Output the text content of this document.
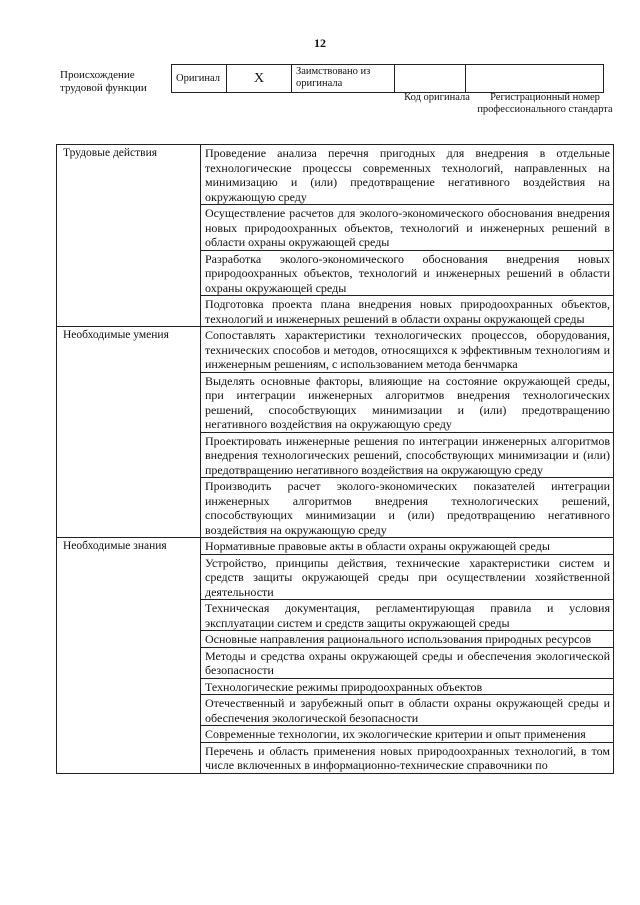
12
Происхождение трудовой функции
Оригинал	X	Заимствовано из оригинала		
Код оригинала	Регистрационный номер профессионального стандарта
Трудовые действия	Проведение анализа перечня пригодных для внедрения в отдельные технологические процессы современных технологий, направленных на минимизацию и (или) предотвращение негативного воздействия на окружающую среду
	Осуществление расчетов для эколого-экономического обоснования внедрения новых природоохранных объектов, технологий и инженерных решений в области охраны окружающей среды
	Разработка эколого-экономического обоснования внедрения новых природоохранных объектов, технологий и инженерных решений в области охраны окружающей среды
	Подготовка проекта плана внедрения новых природоохранных объектов, технологий и инженерных решений в области охраны окружающей среды
Необходимые умения	Сопоставлять характеристики технологических процессов, оборудования, технических способов и методов, относящихся к эффективным технологиям и инженерным решениям, с использованием метода бенчмарка
	Выделять основные факторы, влияющие на состояние окружающей среды, при интеграции инженерных алгоритмов внедрения технологических решений, способствующих минимизации и (или) предотвращению негативного воздействия на окружающую среду
	Проектировать инженерные решения по интеграции инженерных алгоритмов внедрения технологических решений, способствующих минимизации и (или) предотвращению негативного воздействия на окружающую среду
	Производить расчет эколого-экономических показателей интеграции инженерных алгоритмов внедрения технологических решений, способствующих минимизации и (или) предотвращению негативного воздействия на окружающую среду
Необходимые знания	Нормативные правовые акты в области охраны окружающей среды
	Устройство, принципы действия, технические характеристики систем и средств защиты окружающей среды при осуществлении хозяйственной деятельности
	Техническая документация, регламентирующая правила и условия эксплуатации систем и средств защиты окружающей среды
	Основные направления рационального использования природных ресурсов
	Методы и средства охраны окружающей среды и обеспечения экологической безопасности
	Технологические режимы природоохранных объектов
	Отечественный и зарубежный опыт в области охраны окружающей среды и обеспечения экологической безопасности
	Современные технологии, их экологические критерии и опыт применения
	Перечень и область применения новых природоохранных технологий, в том числе включенных в информационно-технические справочники по
